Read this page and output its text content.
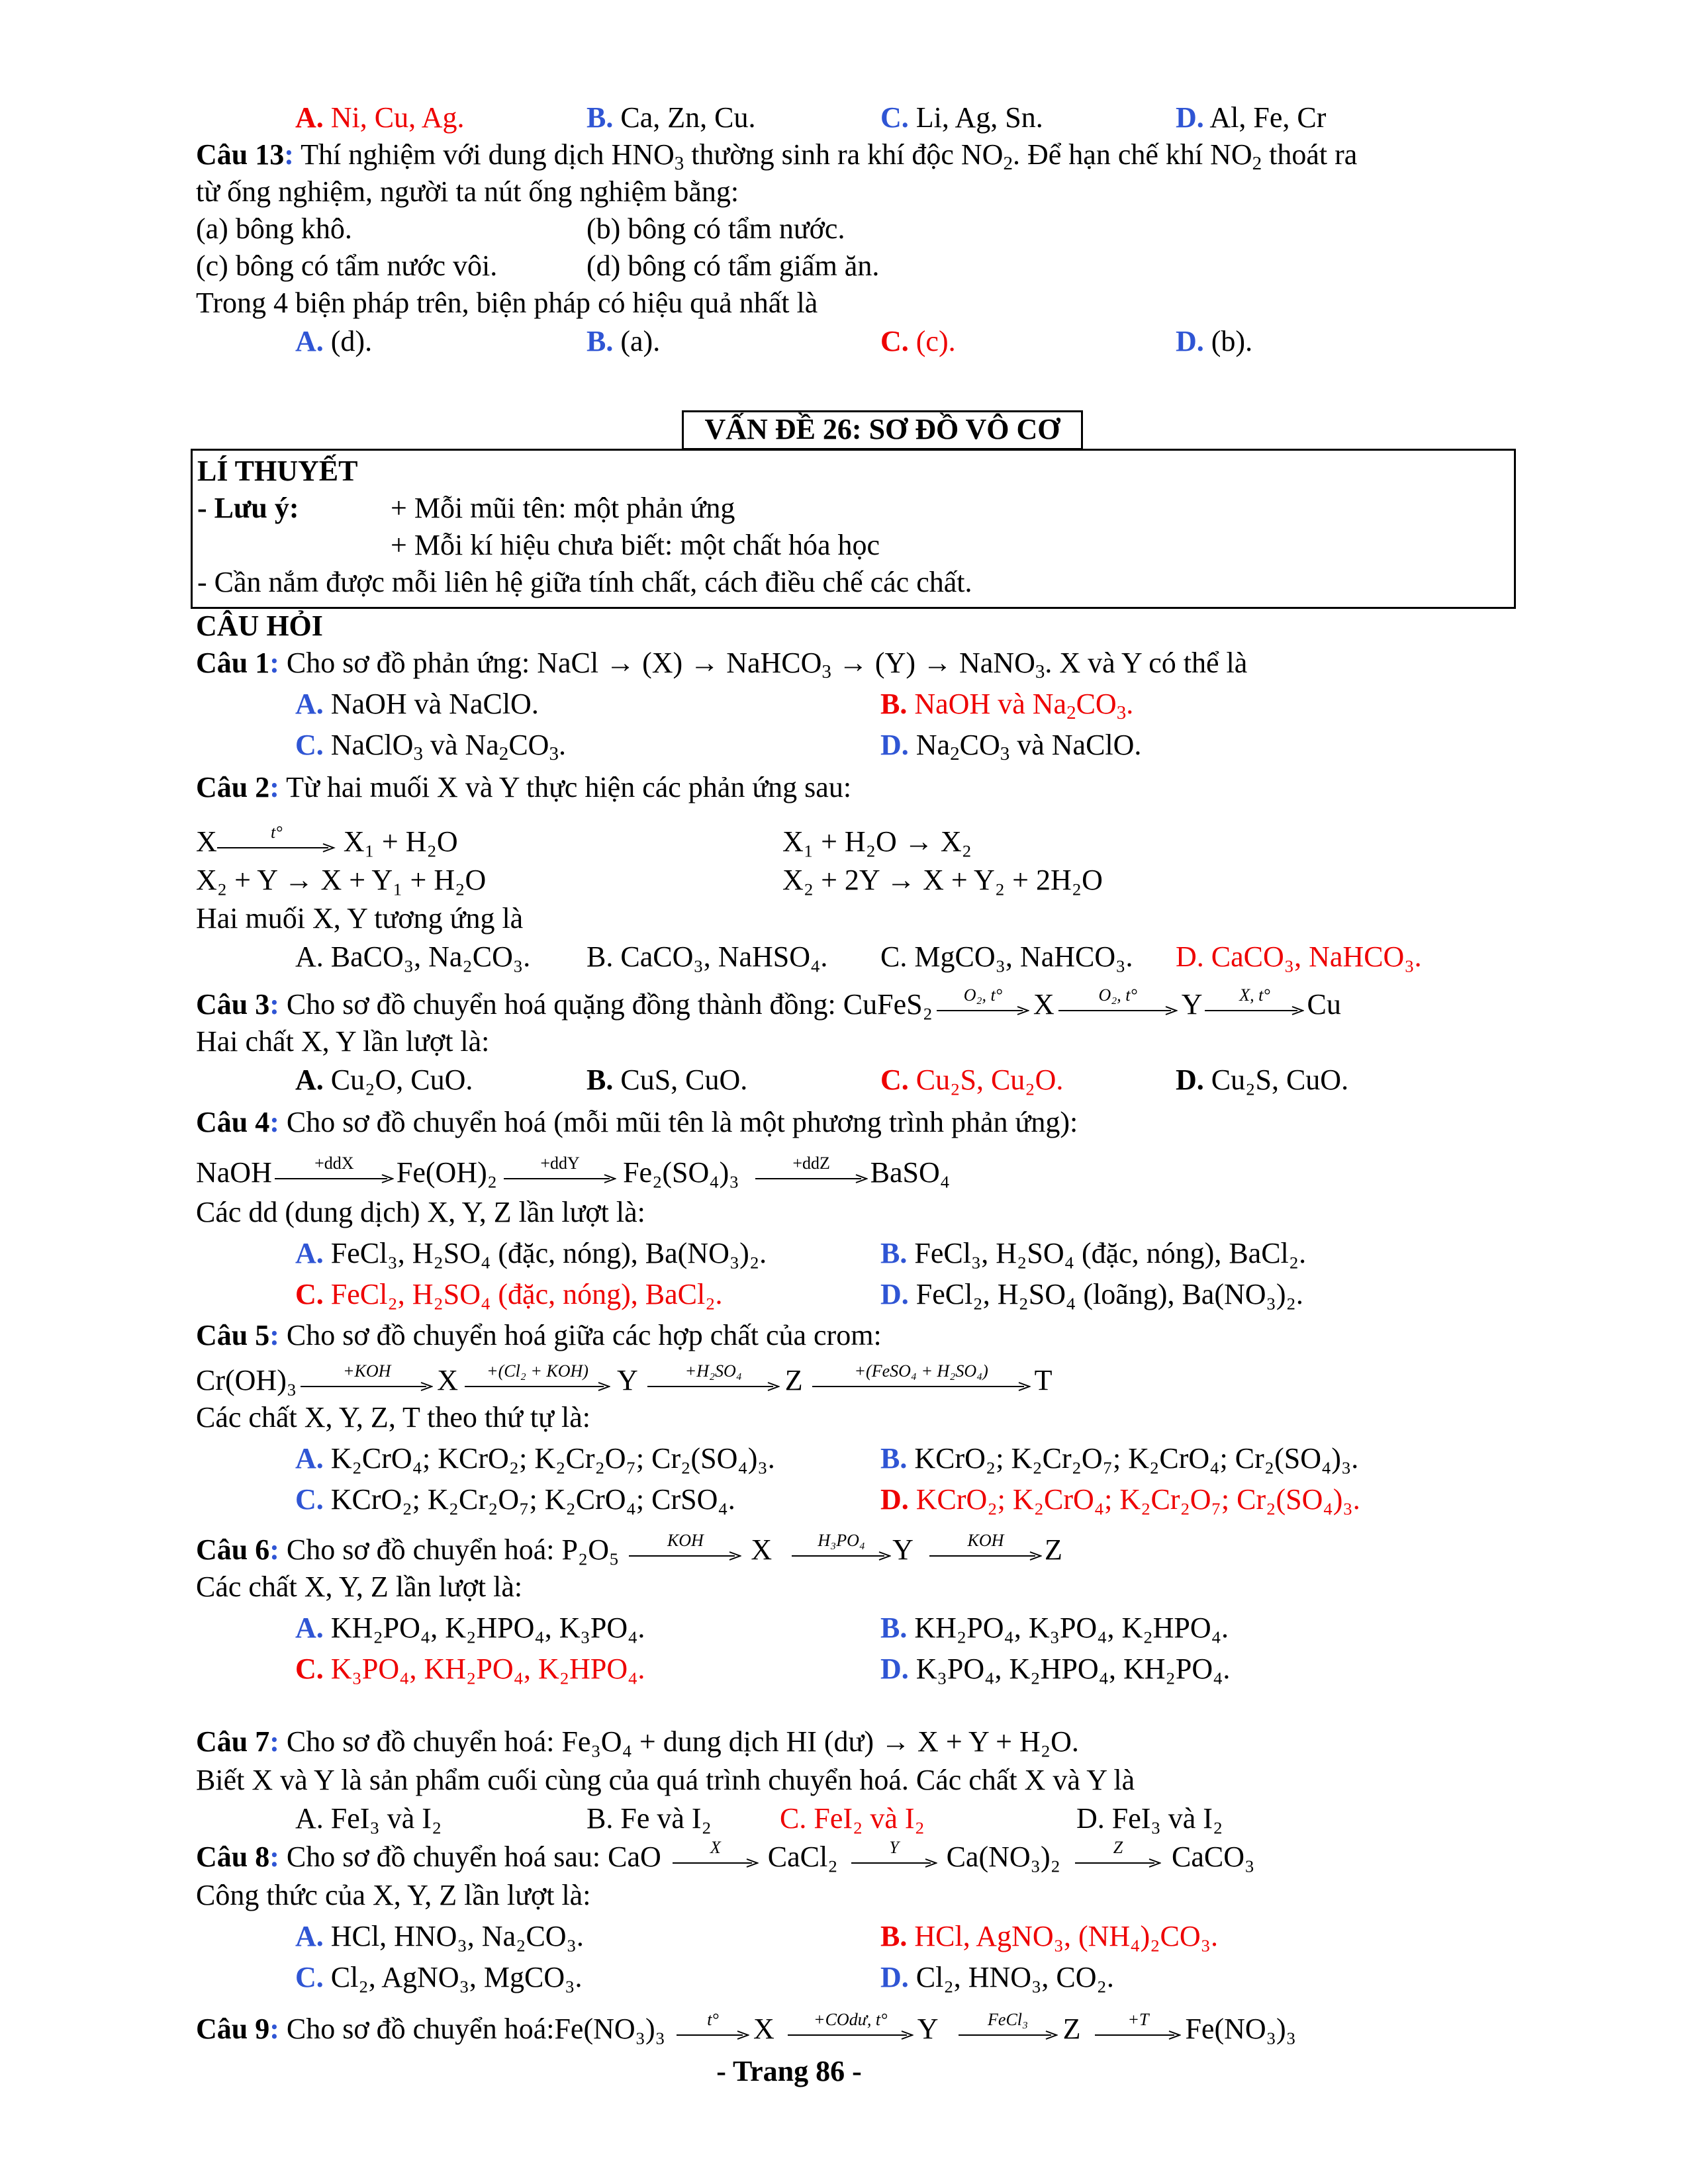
A. Ni, Cu, Ag.	B. Ca, Zn, Cu.	C. Li, Ag, Sn.	D. Al, Fe, Cr
Câu 13: Thí nghiệm với dung dịch $HNO_3$ thường sinh ra khí độc $NO_2$. Để hạn chế khí $NO_2$ thoát ra
từ ống nghiệm, người ta nút ống nghiệm bằng:
(a) bông khô.	(b) bông có tẩm nước.
(c) bông có tẩm nước vôi.	(d) bông có tẩm giấm ăn.
Trong 4 biện pháp trên, biện pháp có hiệu quả nhất là
A. (d).	B. (a).	C. (c).	D. (b).
VẤN ĐỀ 26: SƠ ĐỒ VÔ CƠ
LÍ THUYẾT
- Lưu ý:	+ Mỗi mũi tên: một phản ứng
+ Mỗi kí hiệu chưa biết: một chất hóa học
- Cần nắm được mỗi liên hệ giữa tính chất, cách điều chế các chất.
CÂU HỎI
Câu 1: Cho sơ đồ phản ứng: NaCl → (X) → NaHCO$_3$ → (Y) → NaNO$_3$. X và Y có thể là
A. NaOH và NaClO.	B. NaOH và $Na_2CO_3$.
C. NaClO$_3$ và $Na_2CO_3$.	D. $Na_2CO_3$ và NaClO.
Câu 2: Từ hai muối X và Y thực hiện các phản ứng sau:
X	t°	X₁ + H₂O	X₁ + H₂O → X₂
X₂ + Y → X + Y₁ + H₂O	X₂ + 2Y → X + Y₂ + 2H₂O
Hai muối X, Y tương ứng là
A. BaCO₃, Na₂CO₃. B. CaCO₃, NaHSO₄. C. MgCO₃, NaHCO₃. D. CaCO₃, NaHCO₃.
Câu 3: Cho sơ đồ chuyển hoá quặng đồng thành đồng: CuFeS₂	O₂, t°	X	O₂, t°	Y	X, t°	Cu
Hai chất X, Y lần lượt là:
A. Cu₂O, CuO.	B. CuS, CuO.	C. Cu₂S, Cu₂O.	D. Cu₂S, CuO.
Câu 4: Cho sơ đồ chuyển hoá (mỗi mũi tên là một phương trình phản ứng):
NaOH	+ddX	Fe(OH)₂	+ddY	Fe₂(SO₄)₃	+ddZ	BaSO₄
Các dd (dung dịch) X, Y, Z lần lượt là:
A. FeCl₃, H₂SO₄ (đặc, nóng), Ba(NO₃)₂.	B. FeCl₃, H₂SO₄ (đặc, nóng), BaCl₂.
C. FeCl₂, H₂SO₄ (đặc, nóng), BaCl₂.	D. FeCl₂, H₂SO₄ (loãng), Ba(NO₃)₂.
Câu 5: Cho sơ đồ chuyển hoá giữa các hợp chất của crom:
Cr(OH)₃	+KOH	X	+(Cl₂ + KOH) Y	+H₂SO₄	Z	+(FeSO₄ + H₂SO₄)	T
Các chất X, Y, Z, T theo thứ tự là:
A. K₂CrO₄; KCrO₂; K₂Cr₂O₇; Cr₂(SO₄)₃.	B. KCrO₂; K₂Cr₂O₇; K₂CrO₄; Cr₂(SO₄)₃.
C. KCrO₂; K₂Cr₂O₇; K₂CrO₄; CrSO₄.	D. KCrO₂; K₂CrO₄; K₂Cr₂O₇; Cr₂(SO₄)₃.
Câu 6: Cho sơ đồ chuyển hoá: P₂O₅	KOH	X	H₃PO₄ Y	KOH	Z
Các chất X, Y, Z lần lượt là:
A. KH₂PO₄, K₂HPO₄, K₃PO₄.	B. KH₂PO₄, K₃PO₄, K₂HPO₄.
C. K₃PO₄, KH₂PO₄, K₂HPO₄.	D. K₃PO₄, K₂HPO₄, KH₂PO₄.
Câu 7: Cho sơ đồ chuyển hoá: Fe₃O₄ + dung dịch HI (dư) → X + Y + H₂O.
Biết X và Y là sản phẩm cuối cùng của quá trình chuyển hoá. Các chất X và Y là
A. FeI₃ và I₂	B. Fe và I₂ C. FeI₂ và I₂	D. FeI₃ và I₂
Câu 8: Cho sơ đồ chuyển hoá sau: CaO	X	CaCl₂	Y	Ca(NO₃)₂	Z	CaCO₃
Công thức của X, Y, Z lần lượt là:
A. HCl, HNO₃, Na₂CO₃.	B. HCl, AgNO₃, (NH₄)₂CO₃.
C. Cl₂, AgNO₃, MgCO₃.	D. Cl₂, HNO₃, CO₂.
Câu 9: Cho sơ đồ chuyển hoá:Fe(NO₃)₃	t°	X	+COdư, t°	Y	FeCl₃	Z	+T	Fe(NO₃)₃
- Trang 86 -
